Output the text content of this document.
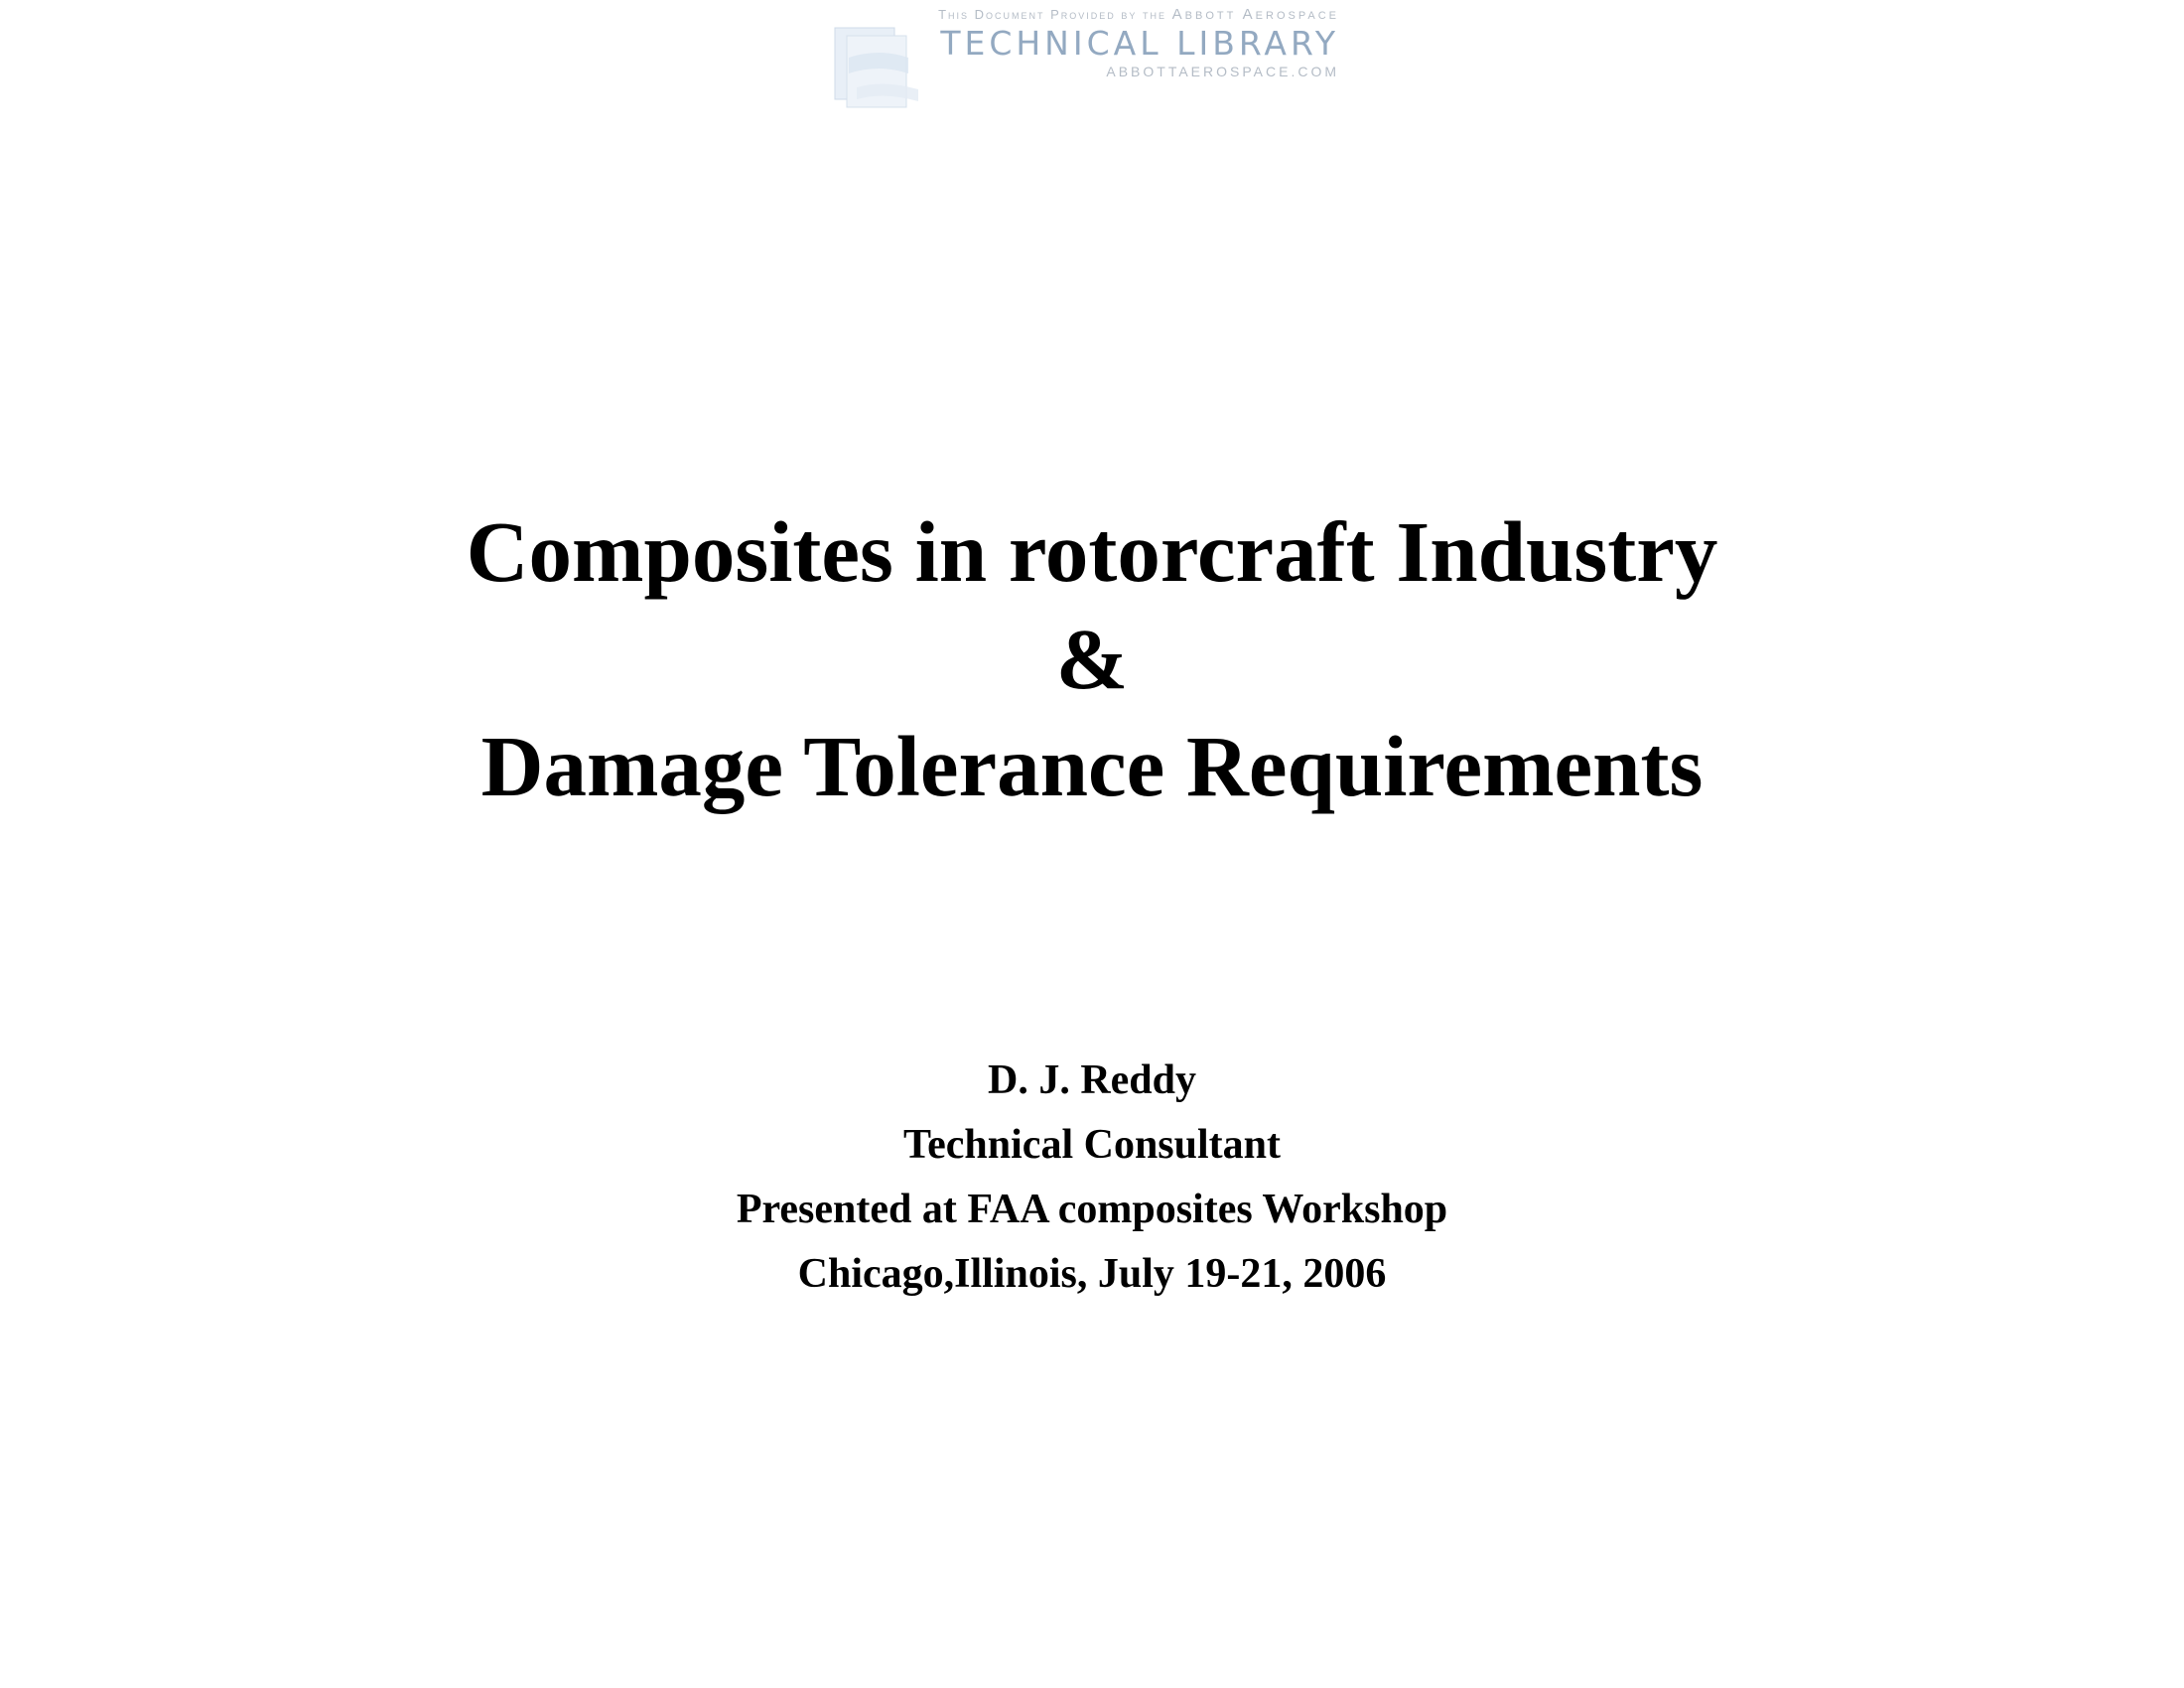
This Document Provided by the Abbott Aerospace
TECHNICAL LIBRARY
ABBOTTAEROSPACE.COM
Composites in rotorcraft Industry
&
Damage Tolerance Requirements
D. J. Reddy
Technical Consultant
Presented at FAA composites Workshop
Chicago,Illinois, July 19-21, 2006
